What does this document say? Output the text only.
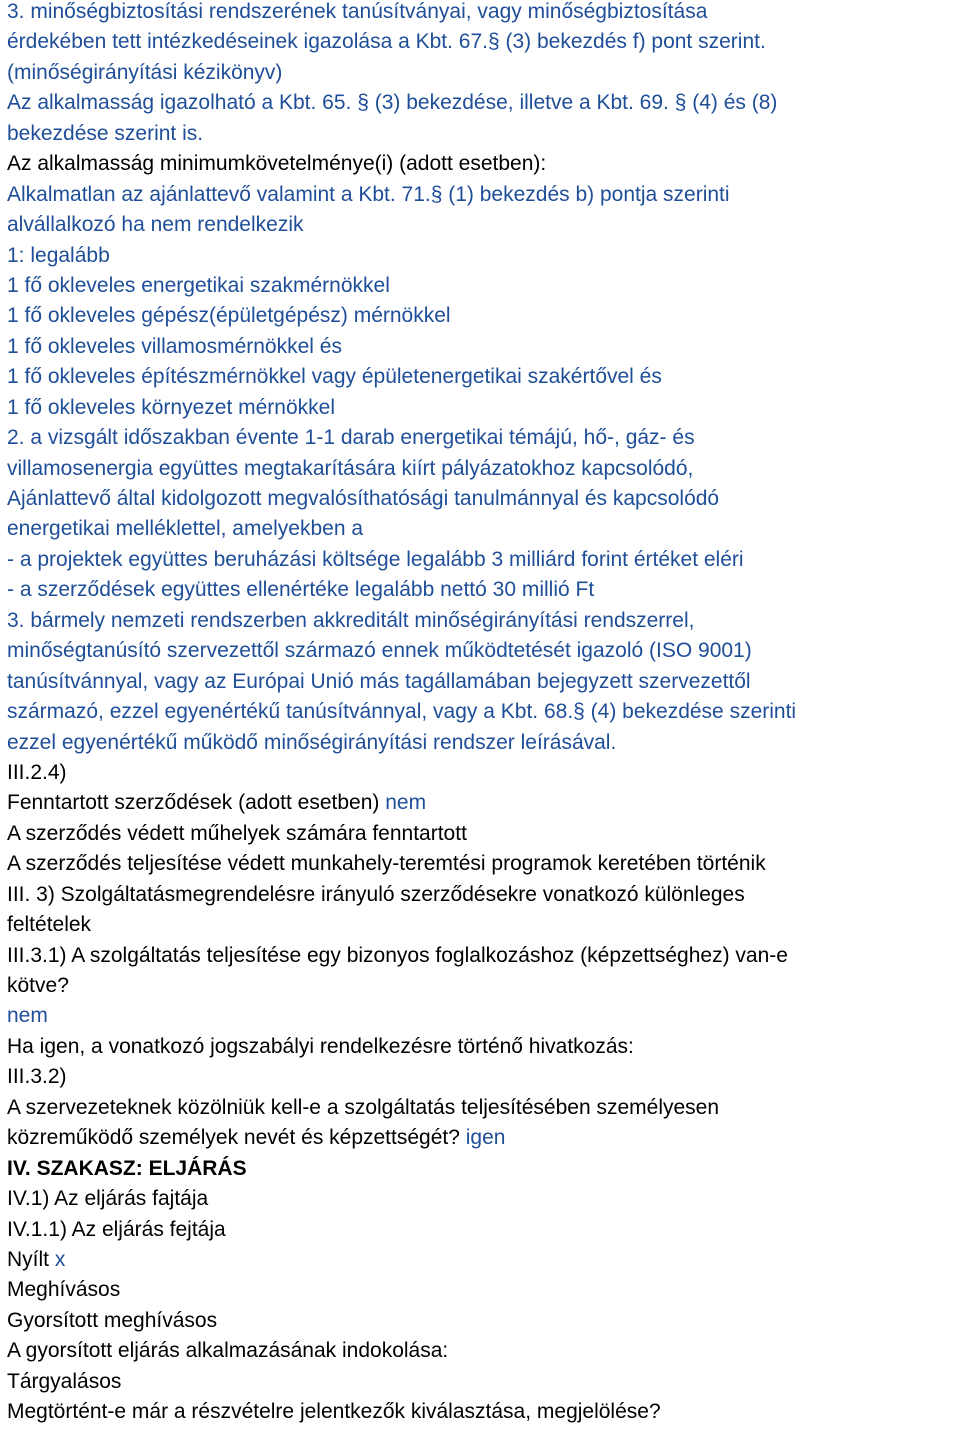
3. minőségbiztosítási rendszerének tanúsítványai, vagy minőségbiztosítása
érdekében tett intézkedéseinek igazolása a Kbt. 67.§ (3) bekezdés f) pont szerint.
(minőségirányítási kézikönyv)
Az alkalmasság igazolható a Kbt. 65. § (3) bekezdése, illetve a Kbt. 69. § (4) és (8)
bekezdése szerint is.
Az alkalmasság minimumkövetelménye(i) (adott esetben):
Alkalmatlan az ajánlattevő valamint a Kbt. 71.§ (1) bekezdés b) pontja szerinti
alvállalkozó ha nem rendelkezik
1: legalább
1 fő okleveles energetikai szakmérnökkel
1 fő okleveles gépész(épületgépész) mérnökkel
1 fő okleveles villamosmérnökkel és
1 fő okleveles építészmérnökkel vagy épületenergetikai szakértővel és
1 fő okleveles környezet mérnökkel
2. a vizsgált időszakban évente 1-1 darab energetikai témájú, hő-, gáz- és
villamosenergia együttes megtakarítására kiírt pályázatokhoz kapcsolódó,
Ajánlattevő által kidolgozott megvalósíthatósági tanulmánnyal és kapcsolódó
energetikai melléklettel, amelyekben a
- a projektek együttes beruházási költsége legalább 3 milliárd forint értéket eléri
- a szerződések együttes ellenértéke legalább nettó 30 millió Ft
3. bármely nemzeti rendszerben akkreditált minőségirányítási rendszerrel,
minőségtanúsító szervezettől származó ennek működtetését igazoló (ISO 9001)
tanúsítvánnyal, vagy az Európai Unió más tagállamában bejegyzett szervezettől
származó, ezzel egyenértékű tanúsítvánnyal, vagy a Kbt. 68.§ (4) bekezdése szerinti
ezzel egyenértékű működő minőségirányítási rendszer leírásával.
III.2.4)
Fenntartott szerződések (adott esetben) nem
A szerződés védett műhelyek számára fenntartott
A szerződés teljesítése védett munkahely-teremtési programok keretében történik
III. 3) Szolgáltatásmegrendelésre irányuló szerződésekre vonatkozó különleges
feltételek
III.3.1) A szolgáltatás teljesítése egy bizonyos foglalkozáshoz (képzettséghez) van-e
kötve?
nem
Ha igen, a vonatkozó jogszabályi rendelkezésre történő hivatkozás:
III.3.2)
A szervezeteknek közölniük kell-e a szolgáltatás teljesítésében személyesen
közreműködő személyek nevét és képzettségét? igen
IV. SZAKASZ: ELJÁRÁS
IV.1) Az eljárás fajtája
IV.1.1) Az eljárás fejtája
Nyílt x
Meghívásos
Gyorsított meghívásos
A gyorsított eljárás alkalmazásának indokolása:
Tárgyalásos
Megtörtént-e már a részvételre jelentkezők kiválasztása, megjelölése?
